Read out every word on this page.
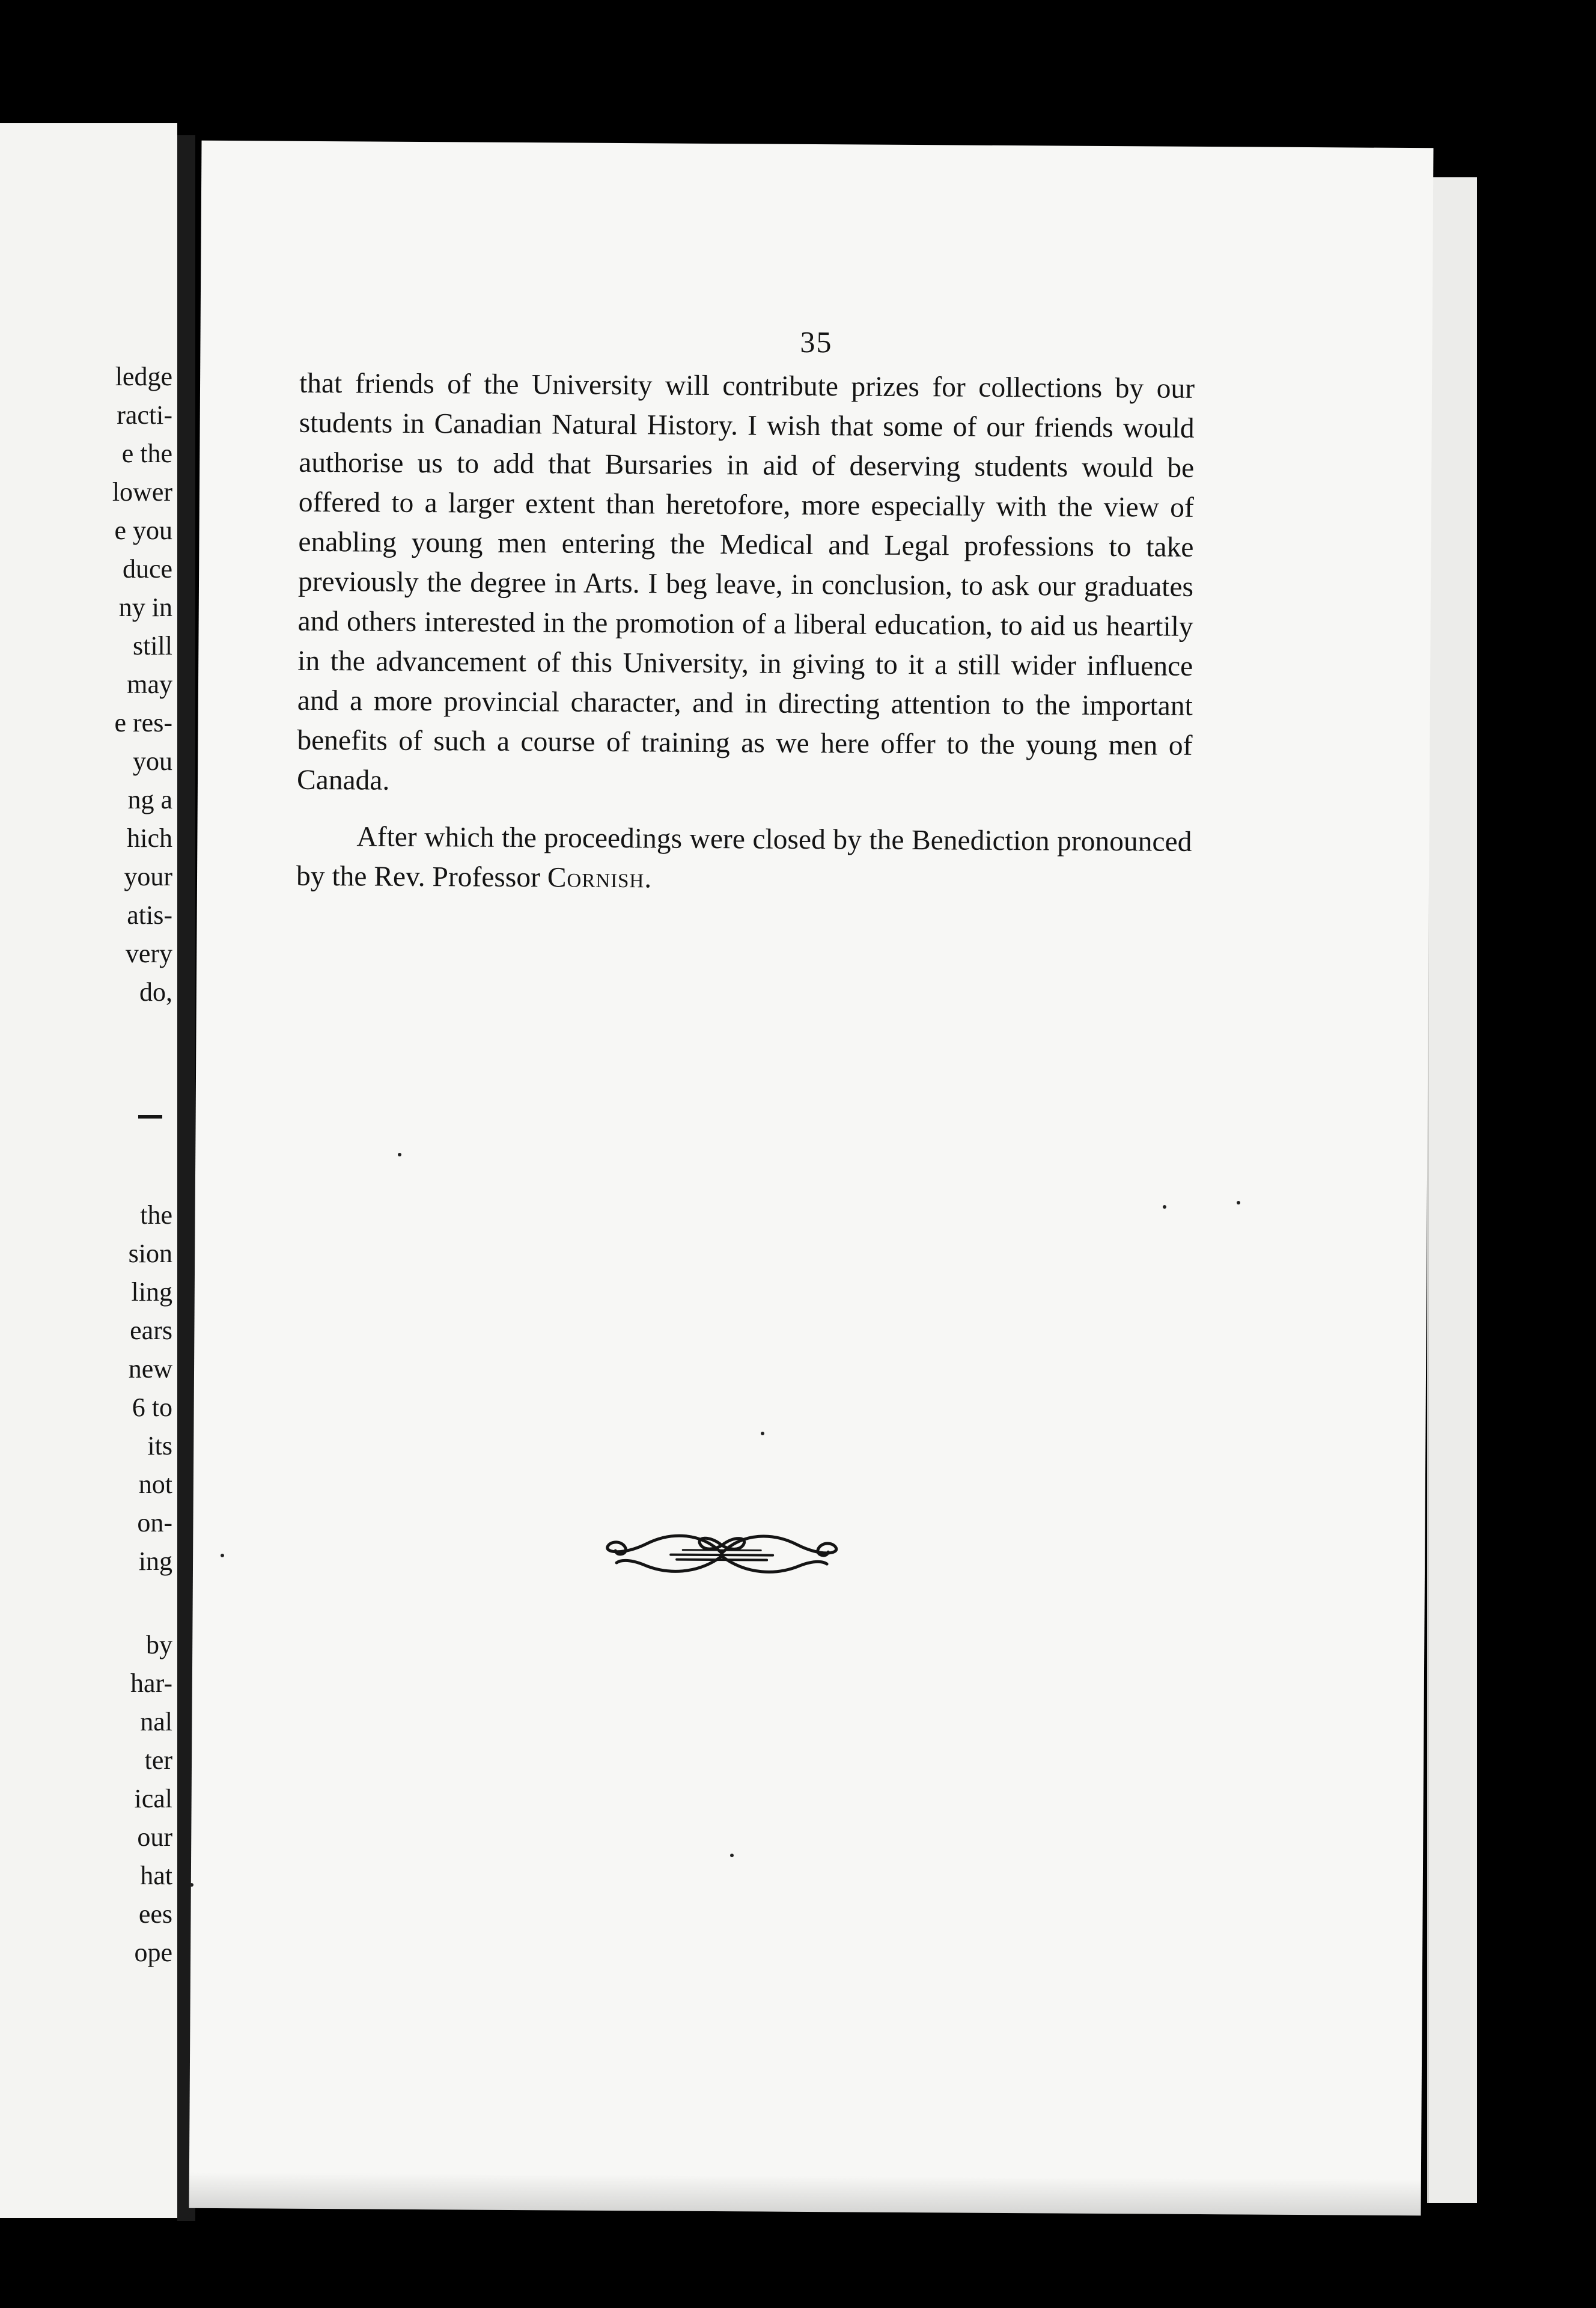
ledge
racti-
e the
lower
e you
duce
ny in
still
may
e res-
you
ng a
hich
your
atis-
very
do,
the
sion
ling
ears
new
6 to
its
not
on-
ing
by
har-
nal
ter
ical
our
hat
ees
ope
35

that friends of the University will contribute prizes for collections by our students in Canadian Natural History. I wish that some of our friends would authorise us to add that Bursaries in aid of deserving students would be offered to a larger extent than heretofore, more especially with the view of enabling young men entering the Medical and Legal professions to take previously the degree in Arts. I beg leave, in conclusion, to ask our graduates and others interested in the promotion of a liberal education, to aid us heartily in the advancement of this University, in giving to it a still wider influence and a more provincial character, and in directing attention to the important benefits of such a course of training as we here offer to the young men of Canada.

After which the proceedings were closed by the Benediction pronounced by the Rev. Professor Cornish.
